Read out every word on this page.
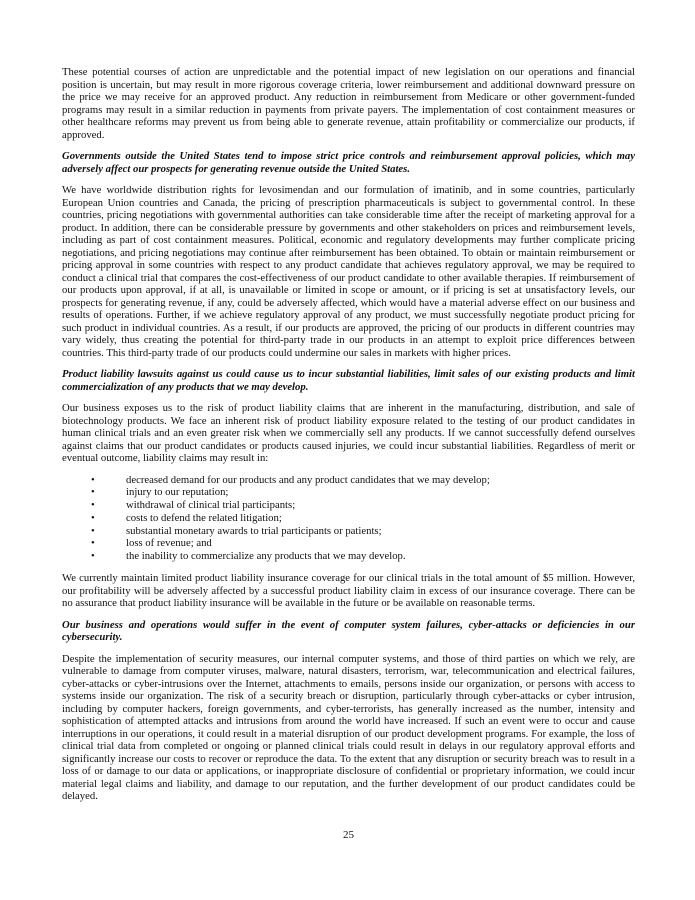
These potential courses of action are unpredictable and the potential impact of new legislation on our operations and financial position is uncertain, but may result in more rigorous coverage criteria, lower reimbursement and additional downward pressure on the price we may receive for an approved product. Any reduction in reimbursement from Medicare or other government-funded programs may result in a similar reduction in payments from private payers. The implementation of cost containment measures or other healthcare reforms may prevent us from being able to generate revenue, attain profitability or commercialize our products, if approved.

Governments outside the United States tend to impose strict price controls and reimbursement approval policies, which may adversely affect our prospects for generating revenue outside the United States.

We have worldwide distribution rights for levosimendan and our formulation of imatinib, and in some countries, particularly European Union countries and Canada, the pricing of prescription pharmaceuticals is subject to governmental control. In these countries, pricing negotiations with governmental authorities can take considerable time after the receipt of marketing approval for a product. In addition, there can be considerable pressure by governments and other stakeholders on prices and reimbursement levels, including as part of cost containment measures. Political, economic and regulatory developments may further complicate pricing negotiations, and pricing negotiations may continue after reimbursement has been obtained. To obtain or maintain reimbursement or pricing approval in some countries with respect to any product candidate that achieves regulatory approval, we may be required to conduct a clinical trial that compares the cost-effectiveness of our product candidate to other available therapies. If reimbursement of our products upon approval, if at all, is unavailable or limited in scope or amount, or if pricing is set at unsatisfactory levels, our prospects for generating revenue, if any, could be adversely affected, which would have a material adverse effect on our business and results of operations. Further, if we achieve regulatory approval of any product, we must successfully negotiate product pricing for such product in individual countries. As a result, if our products are approved, the pricing of our products in different countries may vary widely, thus creating the potential for third-party trade in our products in an attempt to exploit price differences between countries. This third-party trade of our products could undermine our sales in markets with higher prices.

Product liability lawsuits against us could cause us to incur substantial liabilities, limit sales of our existing products and limit commercialization of any products that we may develop.

Our business exposes us to the risk of product liability claims that are inherent in the manufacturing, distribution, and sale of biotechnology products. We face an inherent risk of product liability exposure related to the testing of our product candidates in human clinical trials and an even greater risk when we commercially sell any products. If we cannot successfully defend ourselves against claims that our product candidates or products caused injuries, we could incur substantial liabilities. Regardless of merit or eventual outcome, liability claims may result in:

•	decreased demand for our products and any product candidates that we may develop;
•	injury to our reputation;
•	withdrawal of clinical trial participants;
•	costs to defend the related litigation;
•	substantial monetary awards to trial participants or patients;
•	loss of revenue; and
•	the inability to commercialize any products that we may develop.

We currently maintain limited product liability insurance coverage for our clinical trials in the total amount of $5 million. However, our profitability will be adversely affected by a successful product liability claim in excess of our insurance coverage. There can be no assurance that product liability insurance will be available in the future or be available on reasonable terms.

Our business and operations would suffer in the event of computer system failures, cyber-attacks or deficiencies in our cybersecurity.

Despite the implementation of security measures, our internal computer systems, and those of third parties on which we rely, are vulnerable to damage from computer viruses, malware, natural disasters, terrorism, war, telecommunication and electrical failures, cyber-attacks or cyber-intrusions over the Internet, attachments to emails, persons inside our organization, or persons with access to systems inside our organization. The risk of a security breach or disruption, particularly through cyber-attacks or cyber intrusion, including by computer hackers, foreign governments, and cyber-terrorists, has generally increased as the number, intensity and sophistication of attempted attacks and intrusions from around the world have increased. If such an event were to occur and cause interruptions in our operations, it could result in a material disruption of our product development programs. For example, the loss of clinical trial data from completed or ongoing or planned clinical trials could result in delays in our regulatory approval efforts and significantly increase our costs to recover or reproduce the data. To the extent that any disruption or security breach was to result in a loss of or damage to our data or applications, or inappropriate disclosure of confidential or proprietary information, we could incur material legal claims and liability, and damage to our reputation, and the further development of our product candidates could be delayed.

25
